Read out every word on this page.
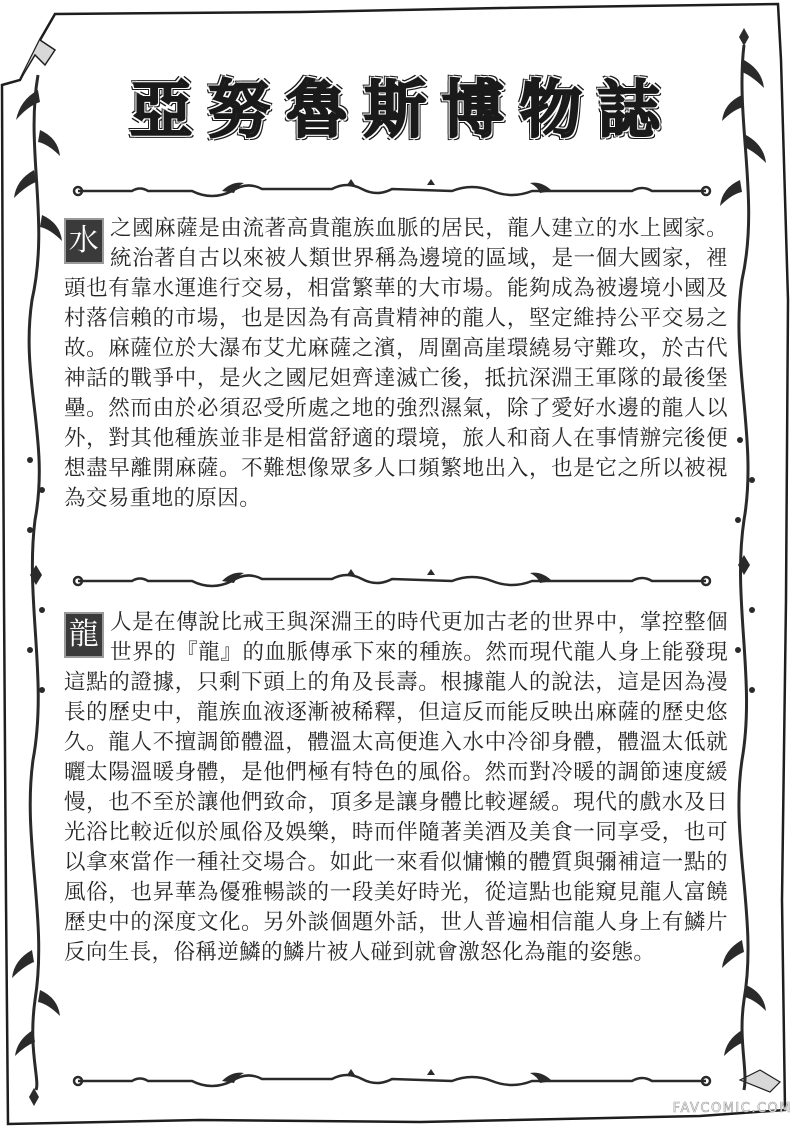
亞 努 魯 斯 博 物 誌
水 之國麻薩是由流著高貴龍族血脈的居民，龍人建立的水上國家。統治著自古以來被人類世界稱為邊境的區域，是一個大國家，裡頭也有靠水運進行交易，相當繁華的大市場。能夠成為被邊境小國及村落信賴的市場，也是因為有高貴精神的龍人，堅定維持公平交易之故。麻薩位於大瀑布艾尤麻薩之濱，周圍高崖環繞易守難攻，於古代神話的戰爭中，是火之國尼妲齊達滅亡後，抵抗深淵王軍隊的最後堡壘。然而由於必須忍受所處之地的強烈濕氣，除了愛好水邊的龍人以外，對其他種族並非是相當舒適的環境，旅人和商人在事情辦完後便想盡早離開麻薩。不難想像眾多人口頻繁地出入，也是它之所以被視為交易重地的原因。
龍 人是在傳說比戒王與深淵王的時代更加古老的世界中，掌控整個世界的『龍』的血脈傳承下來的種族。然而現代龍人身上能發現這點的證據，只剩下頭上的角及長壽。根據龍人的說法，這是因為漫長的歷史中，龍族血液逐漸被稀釋，但這反而能反映出麻薩的歷史悠久。龍人不擅調節體溫，體溫太高便進入水中冷卻身體，體溫太低就曬太陽溫暖身體，是他們極有特色的風俗。然而對冷暖的調節速度緩慢，也不至於讓他們致命，頂多是讓身體比較遲緩。現代的戲水及日光浴比較近似於風俗及娛樂，時而伴隨著美酒及美食一同享受，也可以拿來當作一種社交場合。如此一來看似慵懶的體質與彌補這一點的風俗，也昇華為優雅暢談的一段美好時光，從這點也能窺見龍人富饒歷史中的深度文化。另外談個題外話，世人普遍相信龍人身上有鱗片反向生長，俗稱逆鱗的鱗片被人碰到就會激怒化為龍的姿態。
FAVCOMIC.COM
